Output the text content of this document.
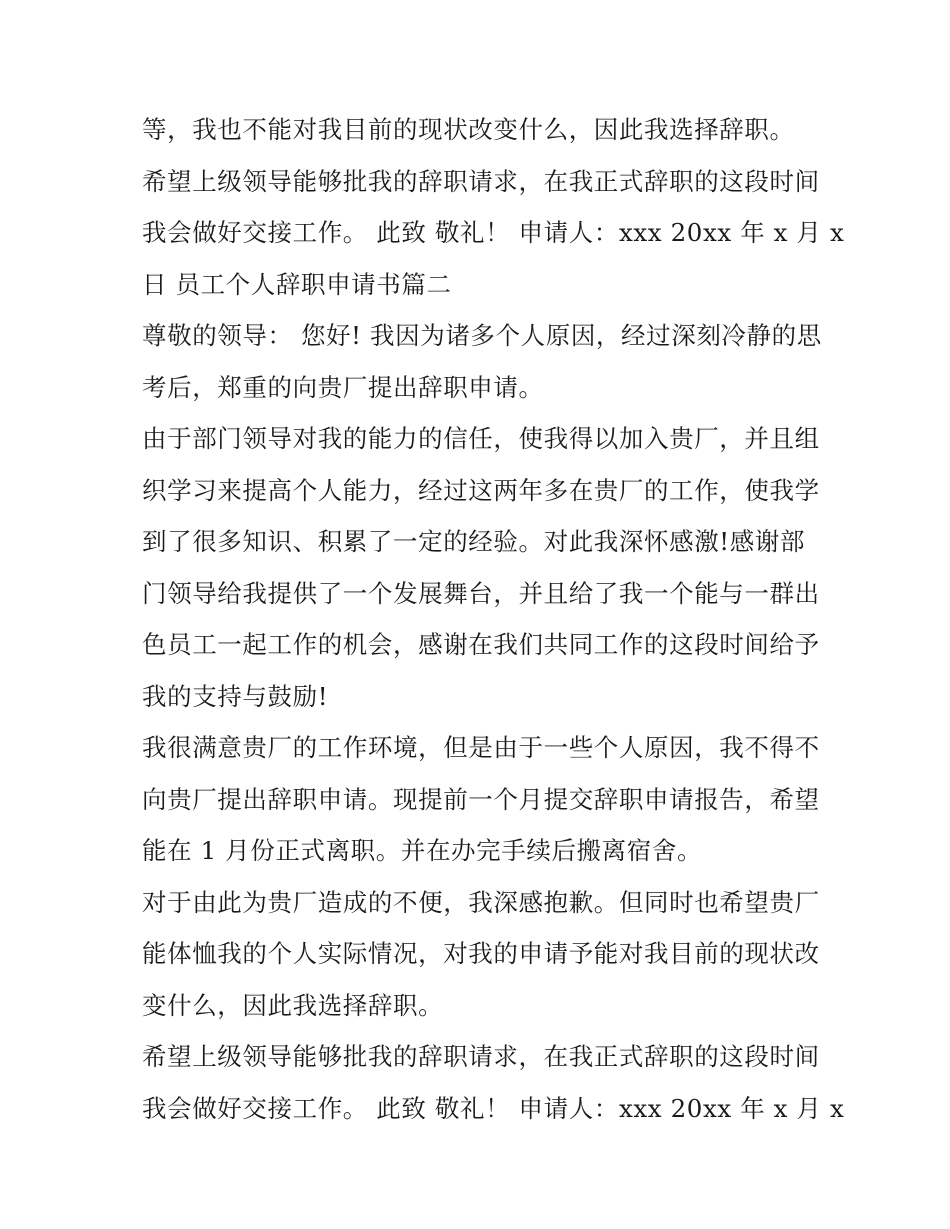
等，我也不能对我目前的现状改变什么，因此我选择辞职。
希望上级领导能够批我的辞职请求，在我正式辞职的这段时间
我会做好交接工作。 此致 敬礼！ 申请人：xxx 20xx 年 x 月 x
日 员工个人辞职申请书篇二
尊敬的领导： 您好! 我因为诸多个人原因，经过深刻冷静的思
考后，郑重的向贵厂提出辞职申请。
由于部门领导对我的能力的信任，使我得以加入贵厂，并且组
织学习来提高个人能力，经过这两年多在贵厂的工作，使我学
到了很多知识、积累了一定的经验。对此我深怀感激!感谢部
门领导给我提供了一个发展舞台，并且给了我一个能与一群出
色员工一起工作的机会，感谢在我们共同工作的这段时间给予
我的支持与鼓励!
我很满意贵厂的工作环境，但是由于一些个人原因，我不得不
向贵厂提出辞职申请。现提前一个月提交辞职申请报告，希望
能在 1 月份正式离职。并在办完手续后搬离宿舍。
对于由此为贵厂造成的不便，我深感抱歉。但同时也希望贵厂
能体恤我的个人实际情况，对我的申请予能对我目前的现状改
变什么，因此我选择辞职。
希望上级领导能够批我的辞职请求，在我正式辞职的这段时间
我会做好交接工作。 此致 敬礼！ 申请人：xxx 20xx 年 x 月 x
